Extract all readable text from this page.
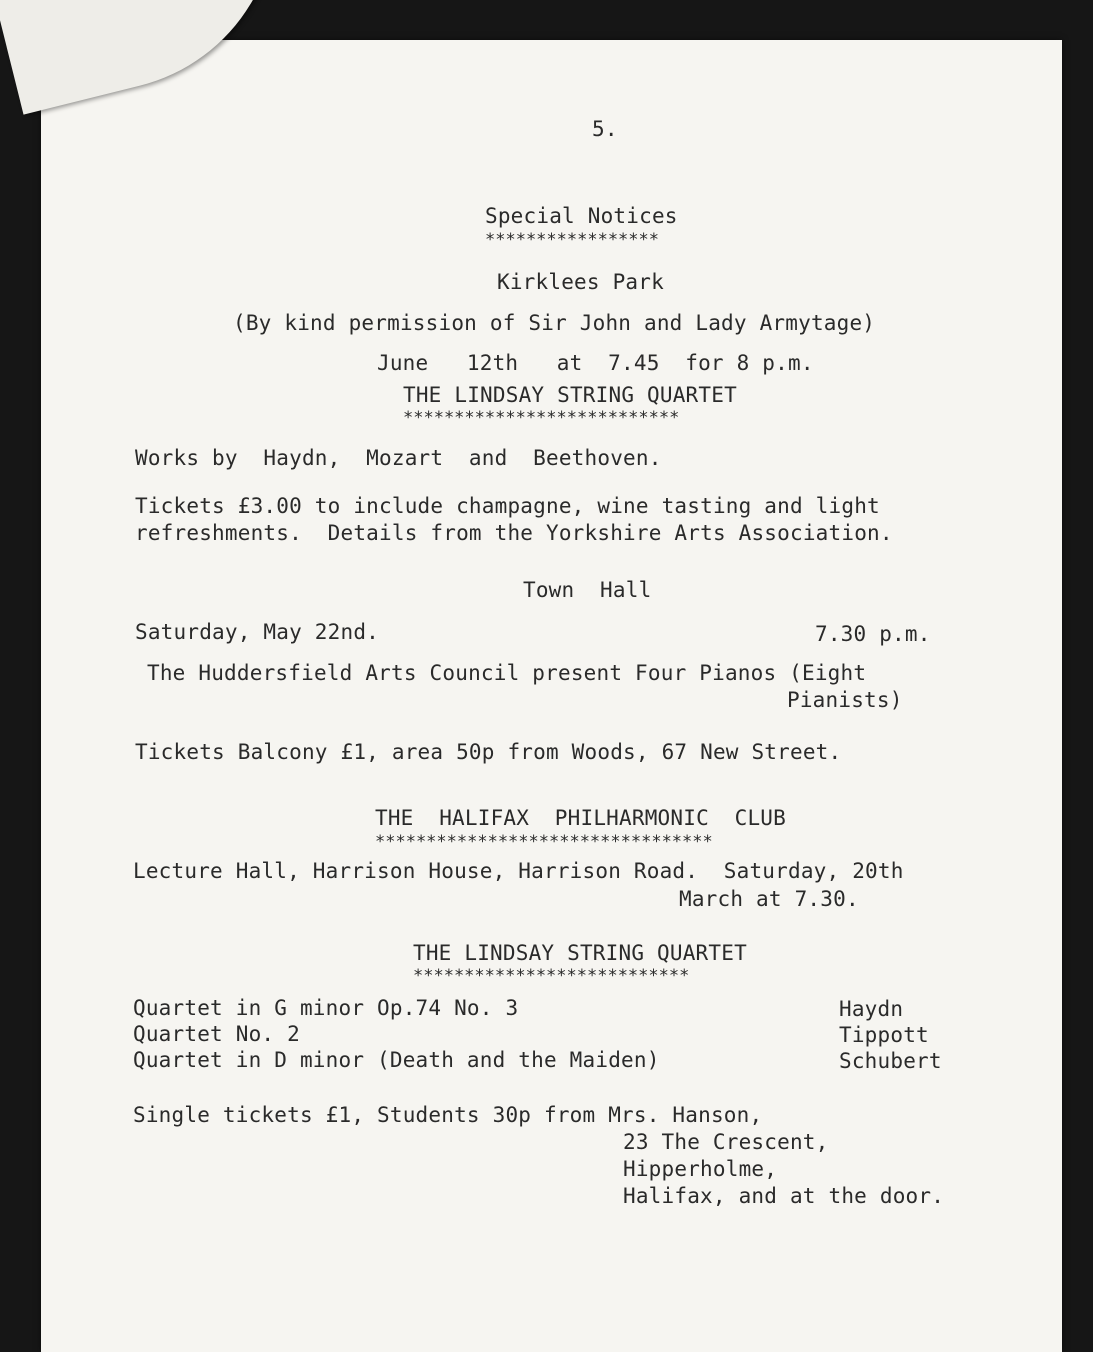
5.
Special Notices
*****************
Kirklees Park
(By kind permission of Sir John and Lady Armytage)
June   12th   at  7.45  for 8 p.m.
THE LINDSAY STRING QUARTET
***************************
Works by  Haydn,  Mozart  and  Beethoven.
Tickets £3.00 to include champagne, wine tasting and light
refreshments.  Details from the Yorkshire Arts Association.
Town  Hall
Saturday, May 22nd.	7.30 p.m.
The Huddersfield Arts Council present Four Pianos (Eight
Pianists)
Tickets Balcony £1, area 50p from Woods, 67 New Street.
THE  HALIFAX  PHILHARMONIC  CLUB
*********************************
Lecture Hall, Harrison House, Harrison Road.  Saturday, 20th
March at 7.30.
THE LINDSAY STRING QUARTET
***************************
Quartet in G minor Op.74 No. 3	Haydn
Quartet No. 2	Tippott
Quartet in D minor (Death and the Maiden)	Schubert
Single tickets £1, Students 30p from Mrs. Hanson,
23 The Crescent,
Hipperholme,
Halifax, and at the door.
